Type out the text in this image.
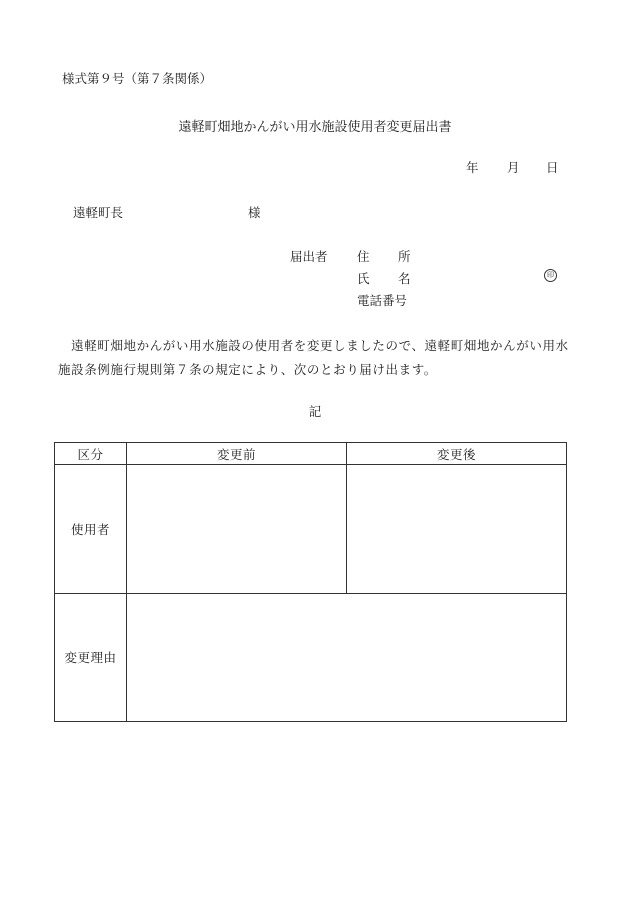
様式第９号（第７条関係）
遠軽町畑地かんがい用水施設使用者変更届出書
年 月 日
遠軽町長	様
届出者 住 所
氏 名	印
電話番号
　遠軽町畑地かんがい用水施設の使用者を変更しましたので、遠軽町畑地かんがい用水施設条例施行規則第７条の規定により、次のとおり届け出ます。
記
区分	変更前	変更後
使用者		
変更理由		
